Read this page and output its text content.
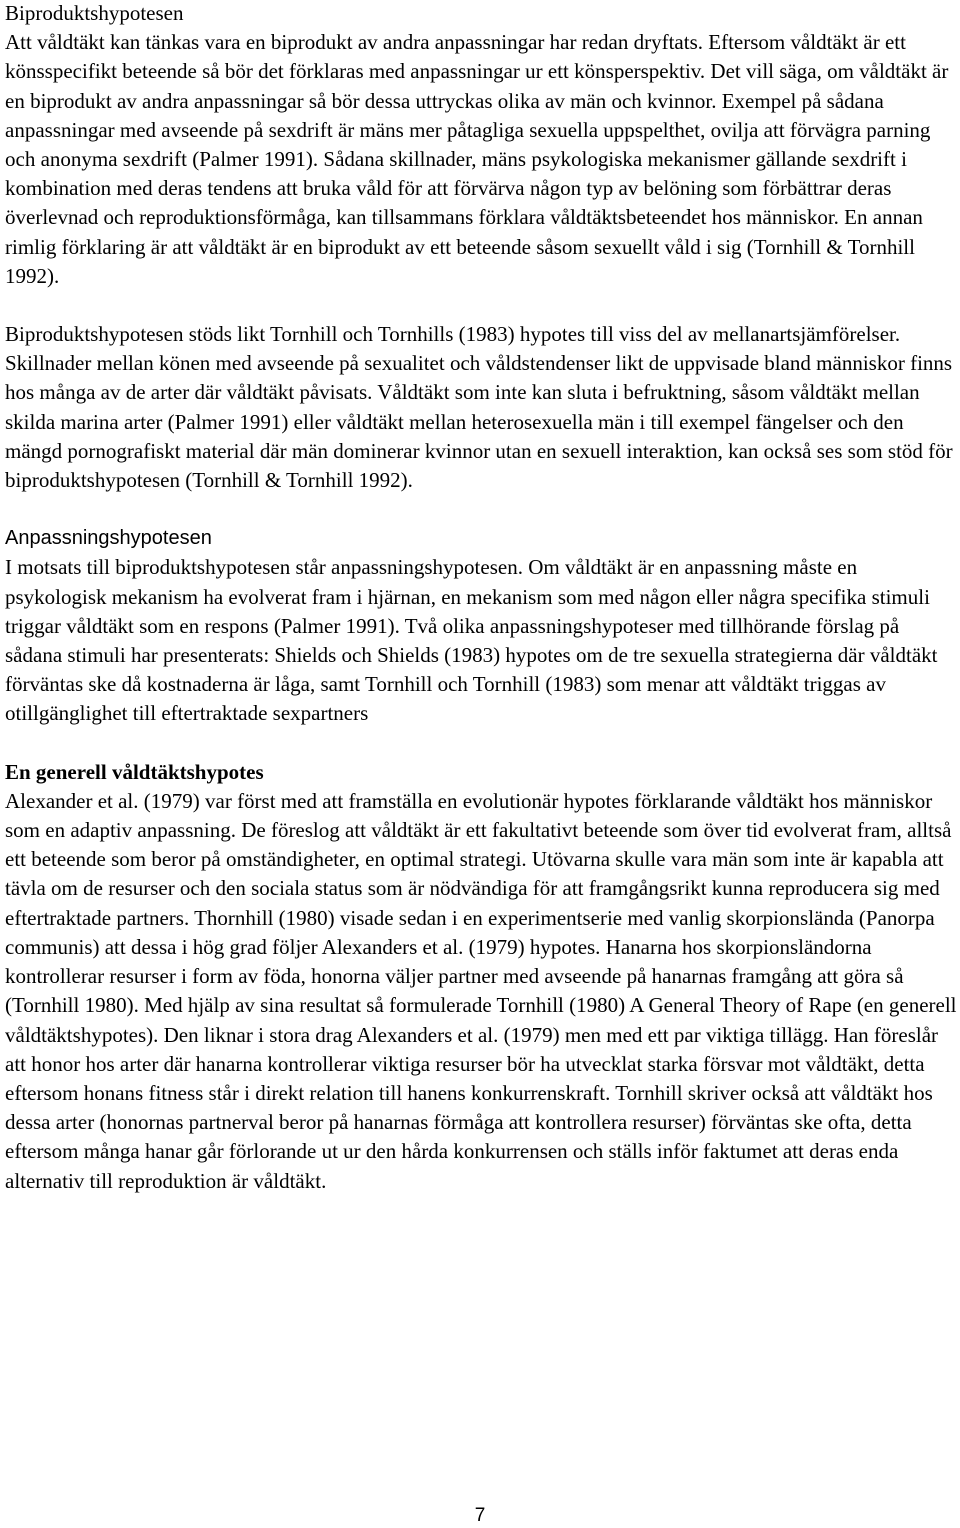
Biproduktshypotesen

Att våldtäkt kan tänkas vara en biprodukt av andra anpassningar har redan dryftats. Eftersom våldtäkt är ett könsspecifikt beteende så bör det förklaras med anpassningar ur ett könsperspektiv. Det vill säga, om våldtäkt är en biprodukt av andra anpassningar så bör dessa uttryckas olika av män och kvinnor. Exempel på sådana anpassningar med avseende på sexdrift är mäns mer påtagliga sexuella uppspelthet, ovilja att förvägra parning och anonyma sexdrift (Palmer 1991). Sådana skillnader, mäns psykologiska mekanismer gällande sexdrift i kombination med deras tendens att bruka våld för att förvärva någon typ av belöning som förbättrar deras överlevnad och reproduktionsförmåga, kan tillsammans förklara våldtäktsbeteendet hos människor. En annan rimlig förklaring är att våldtäkt är en biprodukt av ett beteende såsom sexuellt våld i sig (Tornhill & Tornhill 1992).

Biproduktshypotesen stöds likt Tornhill och Tornhills (1983) hypotes till viss del av mellanartsjämförelser. Skillnader mellan könen med avseende på sexualitet och våldstendenser likt de uppvisade bland människor finns hos många av de arter där våldtäkt påvisats. Våldtäkt som inte kan sluta i befruktning, såsom våldtäkt mellan skilda marina arter (Palmer 1991) eller våldtäkt mellan heterosexuella män i till exempel fängelser och den mängd pornografiskt material där män dominerar kvinnor utan en sexuell interaktion, kan också ses som stöd för biproduktshypotesen (Tornhill & Tornhill 1992).

Anpassningshypotesen

I motsats till biproduktshypotesen står anpassningshypotesen. Om våldtäkt är en anpassning måste en psykologisk mekanism ha evolverat fram i hjärnan, en mekanism som med någon eller några specifika stimuli triggar våldtäkt som en respons (Palmer 1991). Två olika anpassningshypoteser med tillhörande förslag på sådana stimuli har presenterats: Shields och Shields (1983) hypotes om de tre sexuella strategierna där våldtäkt förväntas ske då kostnaderna är låga, samt Tornhill och Tornhill (1983) som menar att våldtäkt triggas av otillgänglighet till eftertraktade sexpartners

En generell våldtäktshypotes

Alexander et al. (1979) var först med att framställa en evolutionär hypotes förklarande våldtäkt hos människor som en adaptiv anpassning. De föreslog att våldtäkt är ett fakultativt beteende som över tid evolverat fram, alltså ett beteende som beror på omständigheter, en optimal strategi. Utövarna skulle vara män som inte är kapabla att tävla om de resurser och den sociala status som är nödvändiga för att framgångsrikt kunna reproducera sig med eftertraktade partners. Thornhill (1980) visade sedan i en experimentserie med vanlig skorpionslända (Panorpa communis) att dessa i hög grad följer Alexanders et al. (1979) hypotes. Hanarna hos skorpionsländorna kontrollerar resurser i form av föda, honorna väljer partner med avseende på hanarnas framgång att göra så (Tornhill 1980). Med hjälp av sina resultat så formulerade Tornhill (1980) A General Theory of Rape (en generell våldtäktshypotes). Den liknar i stora drag Alexanders et al. (1979) men med ett par viktiga tillägg. Han föreslår att honor hos arter där hanarna kontrollerar viktiga resurser bör ha utvecklat starka försvar mot våldtäkt, detta eftersom honans fitness står i direkt relation till hanens konkurrenskraft. Tornhill skriver också att våldtäkt hos dessa arter (honornas partnerval beror på hanarnas förmåga att kontrollera resurser) förväntas ske ofta, detta eftersom många hanar går förlorande ut ur den hårda konkurrensen och ställs inför faktumet att deras enda alternativ till reproduktion är våldtäkt.

7
